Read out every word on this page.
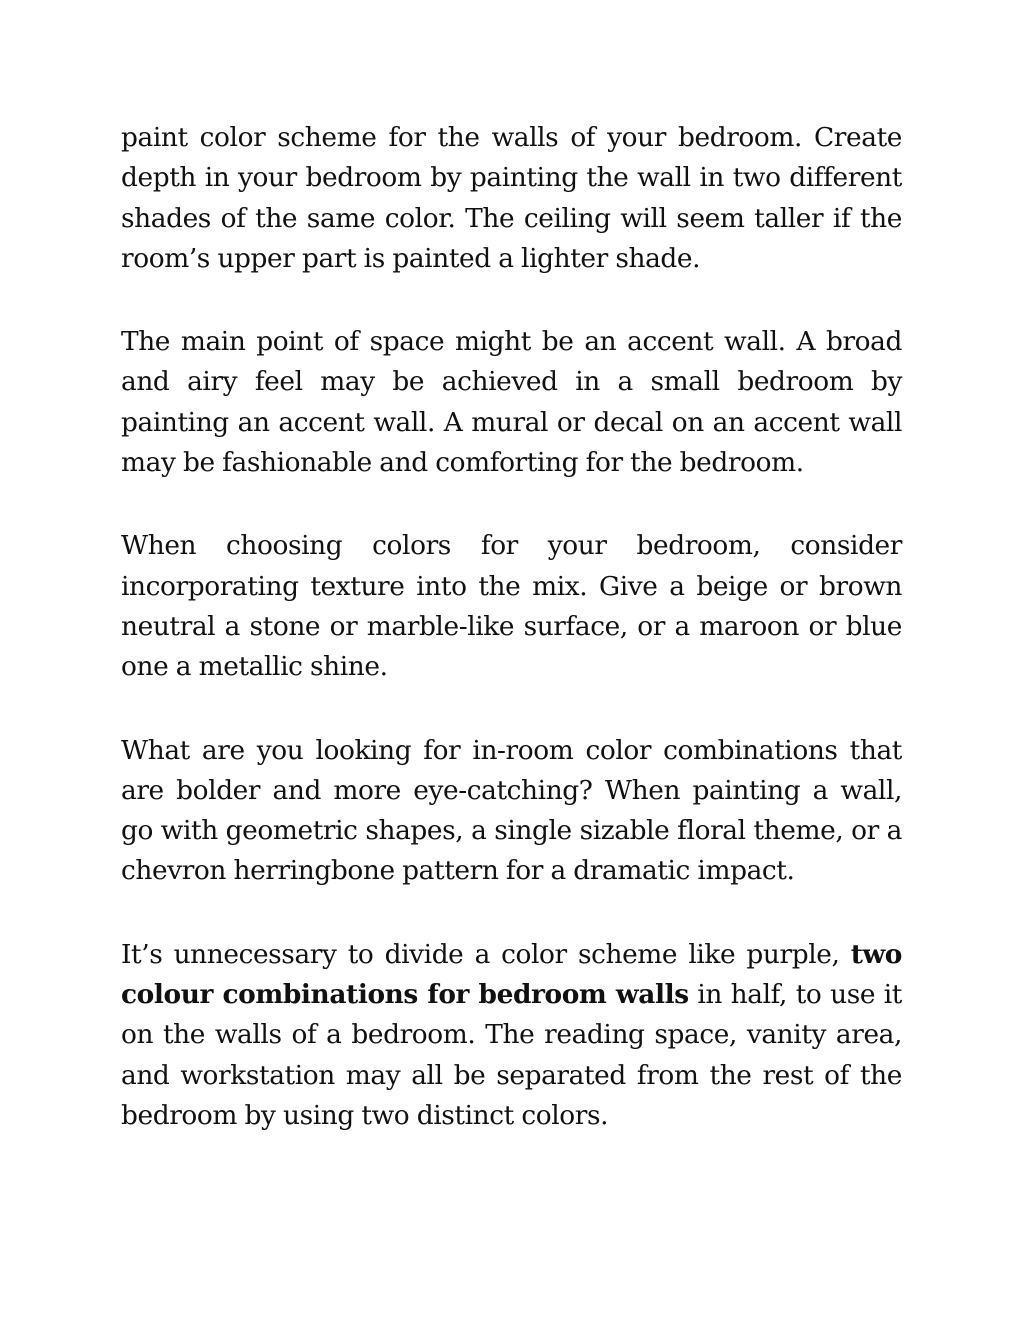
paint color scheme for the walls of your bedroom. Create depth in your bedroom by painting the wall in two different shades of the same color. The ceiling will seem taller if the room’s upper part is painted a lighter shade.

The main point of space might be an accent wall. A broad and airy feel may be achieved in a small bedroom by painting an accent wall. A mural or decal on an accent wall may be fashionable and comforting for the bedroom.

When choosing colors for your bedroom, consider incorporating texture into the mix. Give a beige or brown neutral a stone or marble-like surface, or a maroon or blue one a metallic shine.

What are you looking for in-room color combinations that are bolder and more eye-catching? When painting a wall, go with geometric shapes, a single sizable floral theme, or a chevron herringbone pattern for a dramatic impact.

It’s unnecessary to divide a color scheme like purple, two colour combinations for bedroom walls in half, to use it on the walls of a bedroom. The reading space, vanity area, and workstation may all be separated from the rest of the bedroom by using two distinct colors.
